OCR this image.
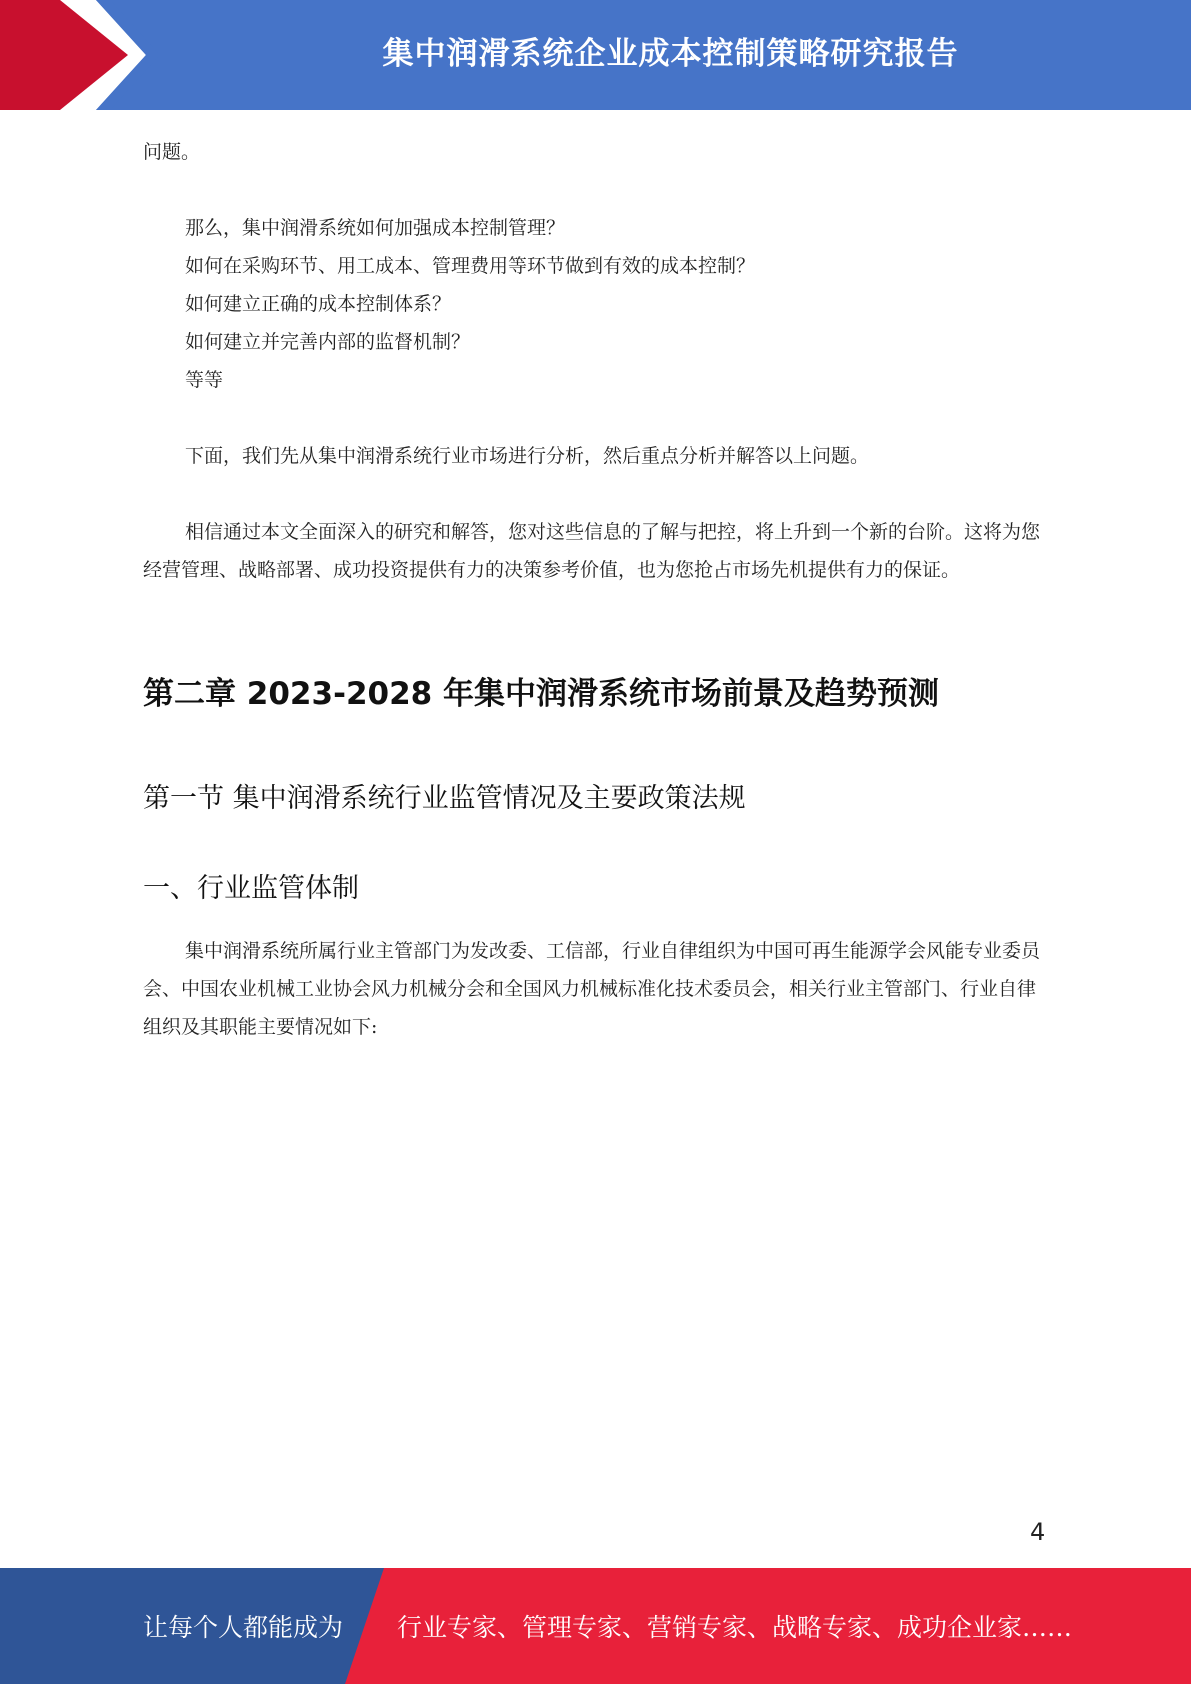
集中润滑系统企业成本控制策略研究报告

问题。

那么，集中润滑系统如何加强成本控制管理？
如何在采购环节、用工成本、管理费用等环节做到有效的成本控制？
如何建立正确的成本控制体系？
如何建立并完善内部的监督机制？
等等

下面，我们先从集中润滑系统行业市场进行分析，然后重点分析并解答以上问题。

相信通过本文全面深入的研究和解答，您对这些信息的了解与把控，将上升到一个新的台阶。这将为您经营管理、战略部署、成功投资提供有力的决策参考价值，也为您抢占市场先机提供有力的保证。

第二章 2023-2028 年集中润滑系统市场前景及趋势预测
第一节 集中润滑系统行业监管情况及主要政策法规
一、行业监管体制

集中润滑系统所属行业主管部门为发改委、工信部，行业自律组织为中国可再生能源学会风能专业委员会、中国农业机械工业协会风力机械分会和全国风力机械标准化技术委员会，相关行业主管部门、行业自律组织及其职能主要情况如下:

4
让每个人都能成为 行业专家、管理专家、营销专家、战略专家、成功企业家……
